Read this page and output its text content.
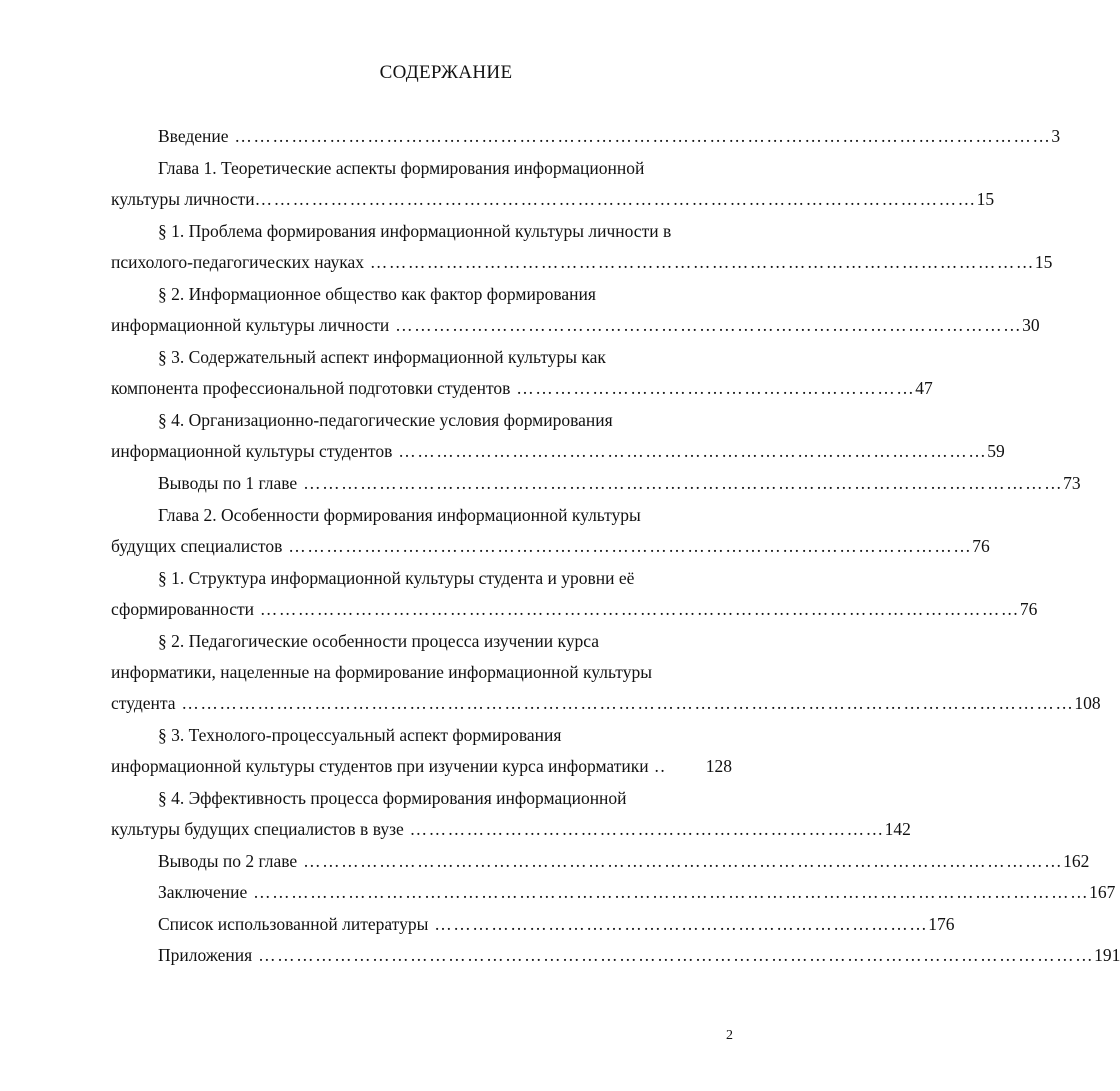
СОДЕРЖАНИЕ
Введение ………………………………………………………………………………………………………………… 3
Глава 1. Теоретические аспекты формирования информационной
культуры личности …………………………………………………………………………………………………… 15
§ 1. Проблема формирования информационной культуры личности в
психолого-педагогических науках …………………………………………………………………………………………… 15
§ 2. Информационное общество как фактор формирования
информационной культуры личности ……………………………………………………………………………………… 30
§ 3. Содержательный аспект информационной культуры как
компонента профессиональной подготовки студентов ……………………………………………………… 47
§ 4. Организационно-педагогические условия формирования
информационной культуры студентов ………………………………………………………………………………… 59
Выводы по 1 главе ………………………………………………………………………………………………………… 73
Глава 2. Особенности формирования информационной культуры
будущих специалистов ……………………………………………………………………………………………… 76
§ 1. Структура информационной культуры студента и уровни её
сформированности ………………………………………………………………………………………………………… 76
§ 2. Педагогические особенности процесса изучении курса
информатики, нацеленные на формирование информационной культуры
студента …………………………………………………………………………………………………………………………… 108
§ 3. Технолого-процессуальный аспект формирования
информационной культуры студентов при изучении курса информатики ..	128
§ 4. Эффективность процесса формирования информационной
культуры будущих специалистов в вузе ………………………………………………………………… 142
Выводы по 2 главе ………………………………………………………………………………………………………… 162
Заключение …………………………………………………………………………………………………………………… 167
Список использованной литературы …………………………………………………………………… 176
Приложения …………………………………………………………………………………………………………………… 191
2
